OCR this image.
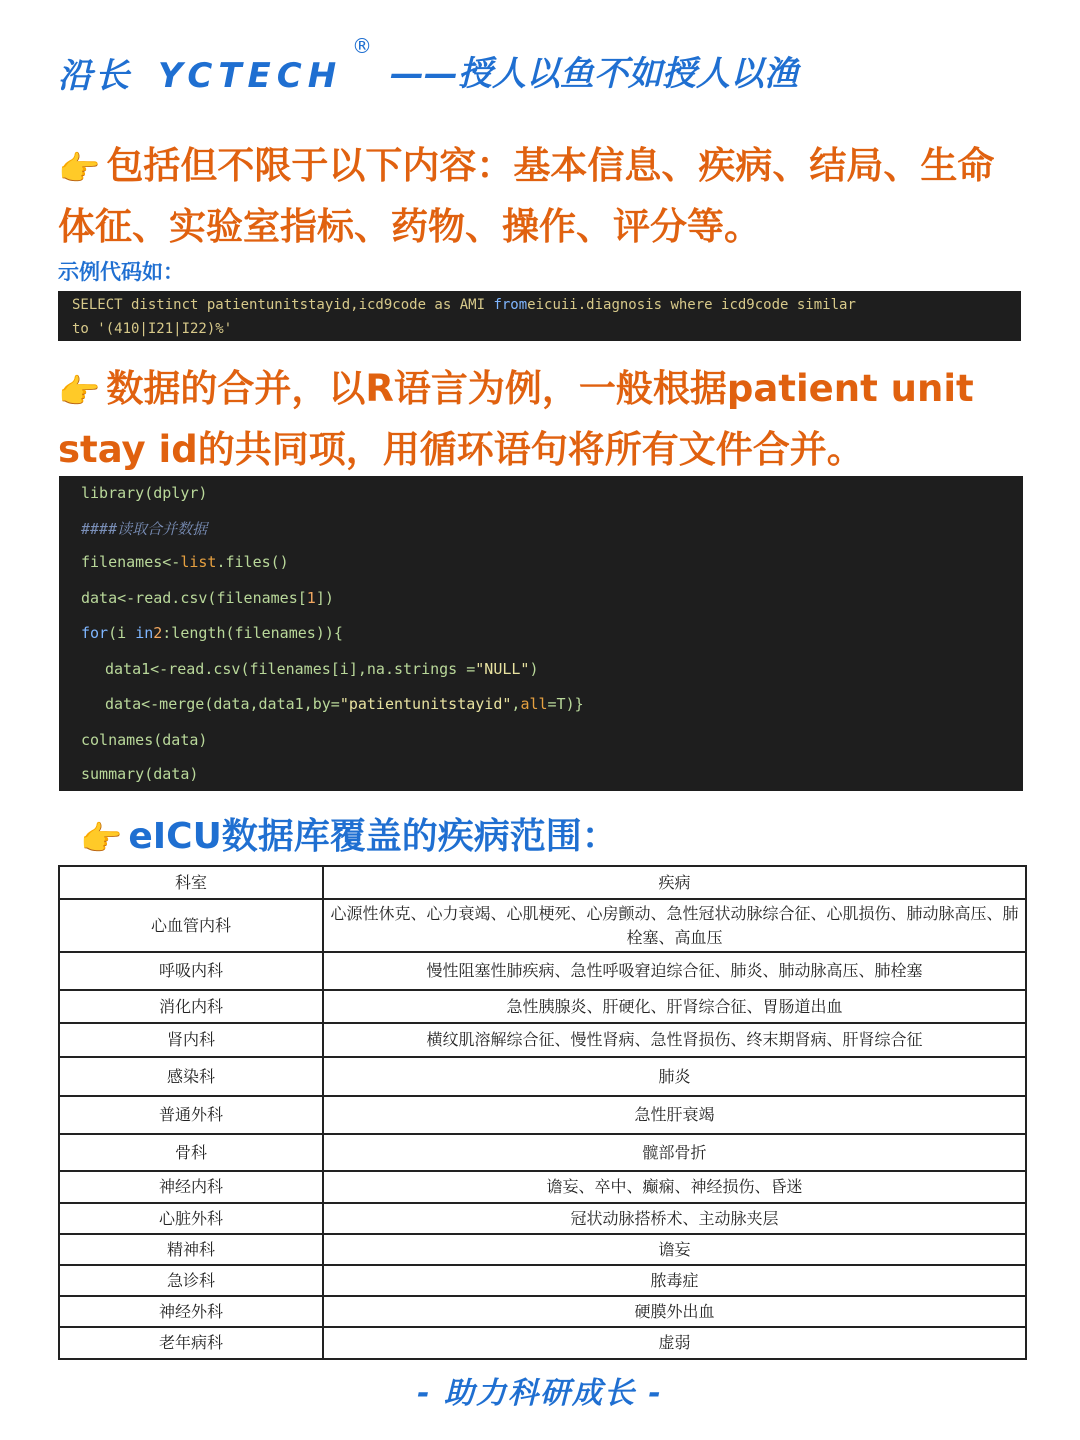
沿长 YCTECH
®
——授人以鱼不如授人以渔
👉 包括但不限于以下内容：基本信息、疾病、结局、生命体征、实验室指标、药物、操作、评分等。
示例代码如：
SELECT distinct patientunitstayid,icd9code as AMI fromeicuii.diagnosis where icd9code similar
to '(410|I21|I22)%'
👉 数据的合并，以R语言为例，一般根据patient unit stay id的共同项，用循环语句将所有文件合并。
library(dplyr)
####读取合并数据
filenames<-list.files()
data<-read.csv(filenames[1])
for(i in2:length(filenames)){
data1<-read.csv(filenames[i],na.strings ="NULL")
data<-merge(data,data1,by="patientunitstayid",all=T)}
colnames(data)
summary(data)
👉 eICU数据库覆盖的疾病范围：
科室	疾病
心血管内科	心源性休克、心力衰竭、心肌梗死、心房颤动、急性冠状动脉综合征、心肌损伤、肺动脉高压、肺栓塞、高血压
呼吸内科	慢性阻塞性肺疾病、急性呼吸窘迫综合征、肺炎、肺动脉高压、肺栓塞
消化内科	急性胰腺炎、肝硬化、肝肾综合征、胃肠道出血
肾内科	横纹肌溶解综合征、慢性肾病、急性肾损伤、终末期肾病、肝肾综合征
感染科	肺炎
普通外科	急性肝衰竭
骨科	髋部骨折
神经内科	谵妄、卒中、癫痫、神经损伤、昏迷
心脏外科	冠状动脉搭桥术、主动脉夹层
精神科	谵妄
急诊科	脓毒症
神经外科	硬膜外出血
老年病科	虚弱
- 助力科研成长 -
